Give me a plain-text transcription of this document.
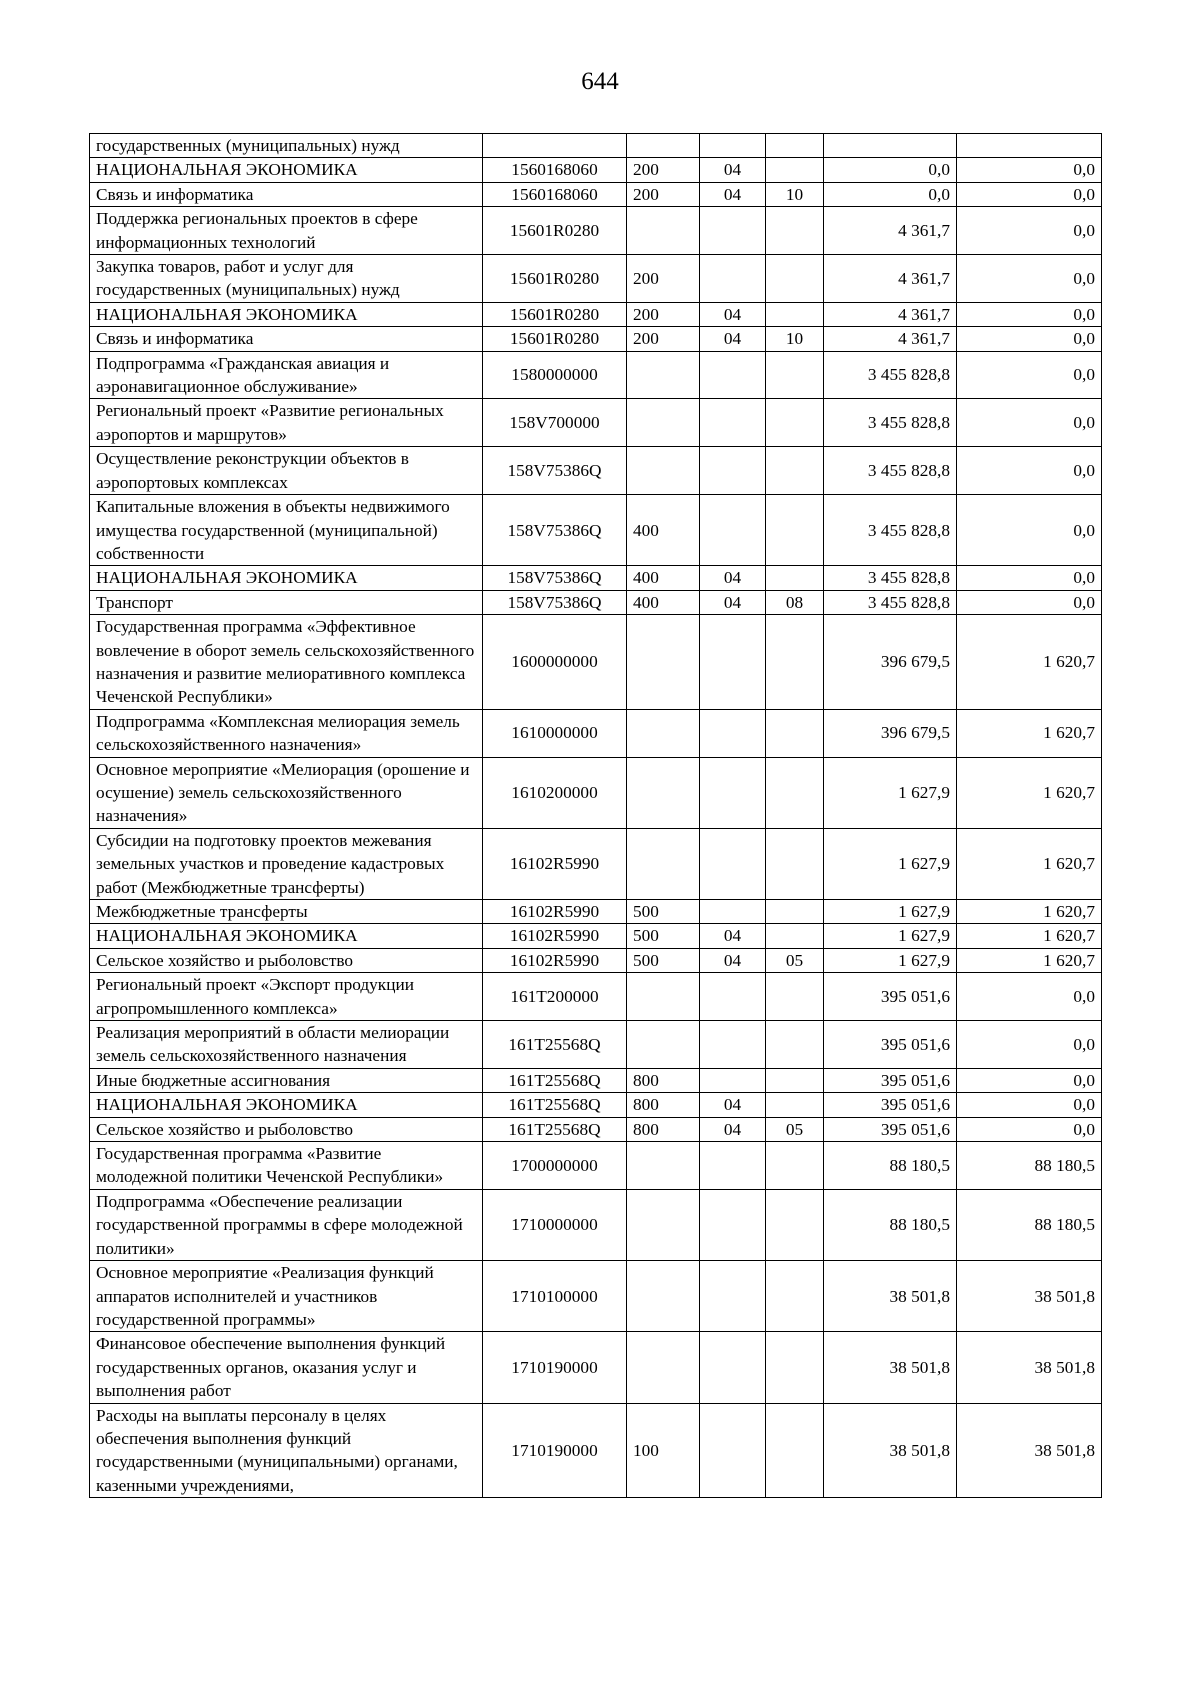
644
государственных (муниципальных) нужд						
НАЦИОНАЛЬНАЯ ЭКОНОМИКА	1560168060	200	04		0,0	0,0
Связь и информатика	1560168060	200	04	10	0,0	0,0
Поддержка региональных проектов в сфере информационных технологий	15601R0280				4 361,7	0,0
Закупка товаров, работ и услуг для государственных (муниципальных) нужд	15601R0280	200			4 361,7	0,0
НАЦИОНАЛЬНАЯ ЭКОНОМИКА	15601R0280	200	04		4 361,7	0,0
Связь и информатика	15601R0280	200	04	10	4 361,7	0,0
Подпрограмма «Гражданская авиация и аэронавигационное обслуживание»	1580000000				3 455 828,8	0,0
Региональный проект «Развитие региональных аэропортов и маршрутов»	158V700000				3 455 828,8	0,0
Осуществление реконструкции объектов в аэропортовых комплексах	158V75386Q				3 455 828,8	0,0
Капитальные вложения в объекты недвижимого имущества государственной (муниципальной) собственности	158V75386Q	400			3 455 828,8	0,0
НАЦИОНАЛЬНАЯ ЭКОНОМИКА	158V75386Q	400	04		3 455 828,8	0,0
Транспорт	158V75386Q	400	04	08	3 455 828,8	0,0
Государственная программа «Эффективное вовлечение в оборот земель сельскохозяйственного назначения и развитие мелиоративного комплекса Чеченской Республики»	1600000000				396 679,5	1 620,7
Подпрограмма «Комплексная мелиорация земель сельскохозяйственного назначения»	1610000000				396 679,5	1 620,7
Основное мероприятие «Мелиорация (орошение и осушение) земель сельскохозяйственного назначения»	1610200000				1 627,9	1 620,7
Субсидии на подготовку проектов межевания земельных участков и проведение кадастровых работ (Межбюджетные трансферты)	16102R5990				1 627,9	1 620,7
Межбюджетные трансферты	16102R5990	500			1 627,9	1 620,7
НАЦИОНАЛЬНАЯ ЭКОНОМИКА	16102R5990	500	04		1 627,9	1 620,7
Сельское хозяйство и рыболовство	16102R5990	500	04	05	1 627,9	1 620,7
Региональный проект «Экспорт продукции агропромышленного комплекса»	161T200000				395 051,6	0,0
Реализация мероприятий в области мелиорации земель сельскохозяйственного назначения	161T25568Q				395 051,6	0,0
Иные бюджетные ассигнования	161T25568Q	800			395 051,6	0,0
НАЦИОНАЛЬНАЯ ЭКОНОМИКА	161T25568Q	800	04		395 051,6	0,0
Сельское хозяйство и рыболовство	161T25568Q	800	04	05	395 051,6	0,0
Государственная программа «Развитие молодежной политики Чеченской Республики»	1700000000				88 180,5	88 180,5
Подпрограмма «Обеспечение реализации государственной программы в сфере молодежной политики»	1710000000				88 180,5	88 180,5
Основное мероприятие «Реализация функций аппаратов исполнителей и участников государственной программы»	1710100000				38 501,8	38 501,8
Финансовое обеспечение выполнения функций государственных органов, оказания услуг и выполнения работ	1710190000				38 501,8	38 501,8
Расходы на выплаты персоналу в целях обеспечения выполнения функций государственными (муниципальными) органами, казенными учреждениями,	1710190000	100			38 501,8	38 501,8
